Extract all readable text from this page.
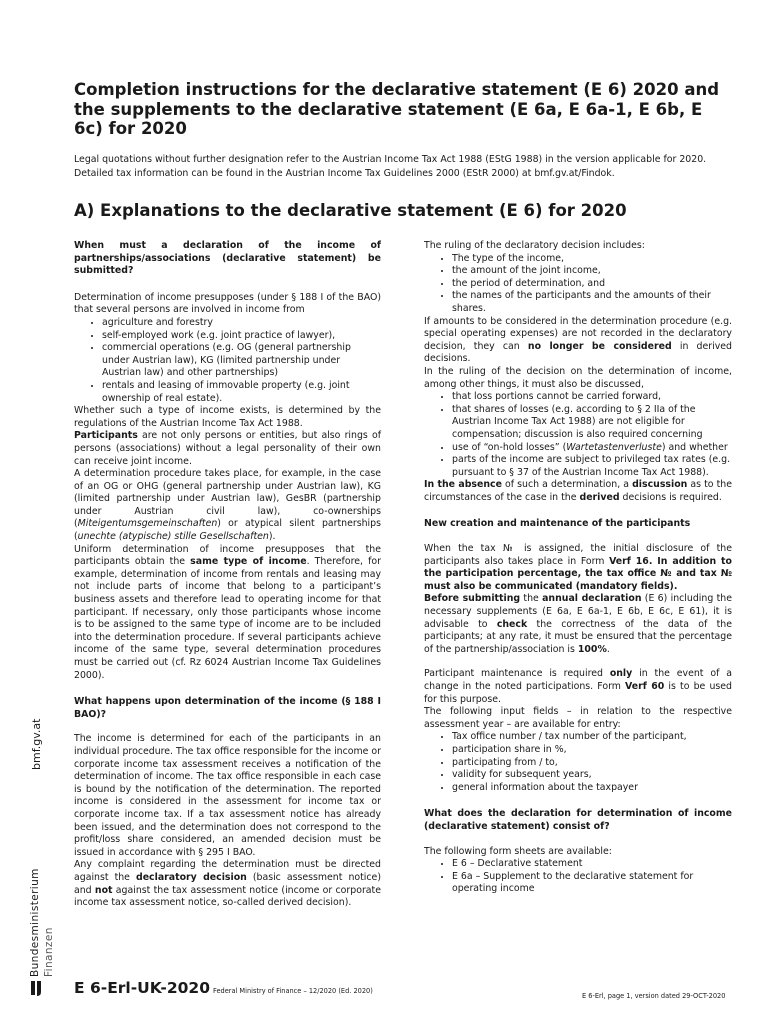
Completion instructions for the declarative statement (E 6) 2020 and the supplements to the declarative statement (E 6a, E 6a-1, E 6b, E 6c) for 2020

Legal quotations without further designation refer to the Austrian Income Tax Act 1988 (EStG 1988) in the version applicable for 2020. Detailed tax information can be found in the Austrian Income Tax Guidelines 2000 (EStR 2000) at bmf.gv.at/Findok.

A) Explanations to the declarative statement (E 6) for 2020
When must a declaration of the income of partnerships/associations (declarative statement) be submitted?

Determination of income presupposes (under § 188 I of the BAO) that several persons are involved in income from

• agriculture and forestry
• self-employed work (e.g. joint practice of lawyer),
• commercial operations (e.g. OG (general partnership under Austrian law), KG (limited partnership under Austrian law) and other partnerships)
• rentals and leasing of immovable property (e.g. joint ownership of real estate).

Whether such a type of income exists, is determined by the regulations of the Austrian Income Tax Act 1988.

Participants are not only persons or entities, but also rings of persons (associations) without a legal personality of their own can receive joint income.

A determination procedure takes place, for example, in the case of an OG or OHG (general partnership under Austrian law), KG (limited partnership under Austrian law), GesBR (partnership under Austrian civil law), co-ownerships (Miteigentumsgemeinschaften) or atypical silent partnerships (unechte (atypische) stille Gesellschaften).

Uniform determination of income presupposes that the participants obtain the same type of income. Therefore, for example, determination of income from rentals and leasing may not include parts of income that belong to a participant’s business assets and therefore lead to operating income for that participant. If necessary, only those participants whose income is to be assigned to the same type of income are to be included into the determination procedure. If several participants achieve income of the same type, several determination procedures must be carried out (cf. Rz 6024 Austrian Income Tax Guidelines 2000).

What happens upon determination of the income (§ 188 I BAO)?

The income is determined for each of the participants in an individual procedure. The tax office responsible for the income or corporate income tax assessment receives a notification of the determination of income. The tax office responsible in each case is bound by the notification of the determination. The reported income is considered in the assessment for income tax or corporate income tax. If a tax assessment notice has already been issued, and the determination does not correspond to the profit/loss share considered, an amended decision must be issued in accordance with § 295 I BAO.

Any complaint regarding the determination must be directed against the declaratory decision (basic assessment notice) and not against the tax assessment notice (income or corporate income tax assessment notice, so-called derived decision).

The ruling of the declaratory decision includes:

• The type of the income,
• the amount of the joint income,
• the period of determination, and
• the names of the participants and the amounts of their shares.

If amounts to be considered in the determination procedure (e.g. special operating expenses) are not recorded in the declaratory decision, they can no longer be considered in derived decisions.

In the ruling of the decision on the determination of income, among other things, it must also be discussed,

• that loss portions cannot be carried forward,
• that shares of losses (e.g. according to § 2 IIa of the Austrian Income Tax Act 1988) are not eligible for compensation; discussion is also required concerning
• use of “on-hold losses” (Wartetastenverluste) and whether
• parts of the income are subject to privileged tax rates (e.g. pursuant to § 37 of the Austrian Income Tax Act 1988).

In the absence of such a determination, a discussion as to the circumstances of the case in the derived decisions is required.

New creation and maintenance of the participants

When the tax № is assigned, the initial disclosure of the participants also takes place in Form Verf 16. In addition to the participation percentage, the tax office № and tax № must also be communicated (mandatory fields).

Before submitting the annual declaration (E 6) including the necessary supplements (E 6a, E 6a-1, E 6b, E 6c, E 61), it is advisable to check the correctness of the data of the participants; at any rate, it must be ensured that the percentage of the partnership/association is 100%.

Participant maintenance is required only in the event of a change in the noted participations. Form Verf 60 is to be used for this purpose.

The following input fields – in relation to the respective assessment year – are available for entry:

• Tax office number / tax number of the participant,
• participation share in %,
• participating from / to,
• validity for subsequent years,
• general information about the taxpayer
What does the declaration for determination of income (declarative statement) consist of?

The following form sheets are available:

• E 6 – Declarative statement
• E 6a – Supplement to the declarative statement for operating income
bmf.gv.at
Bundesministerium Finanzen
E 6-Erl-UK-2020 Federal Ministry of Finance – 12/2020 (Ed. 2020)
E 6-Erl, page 1, version dated 29-OCT-2020
